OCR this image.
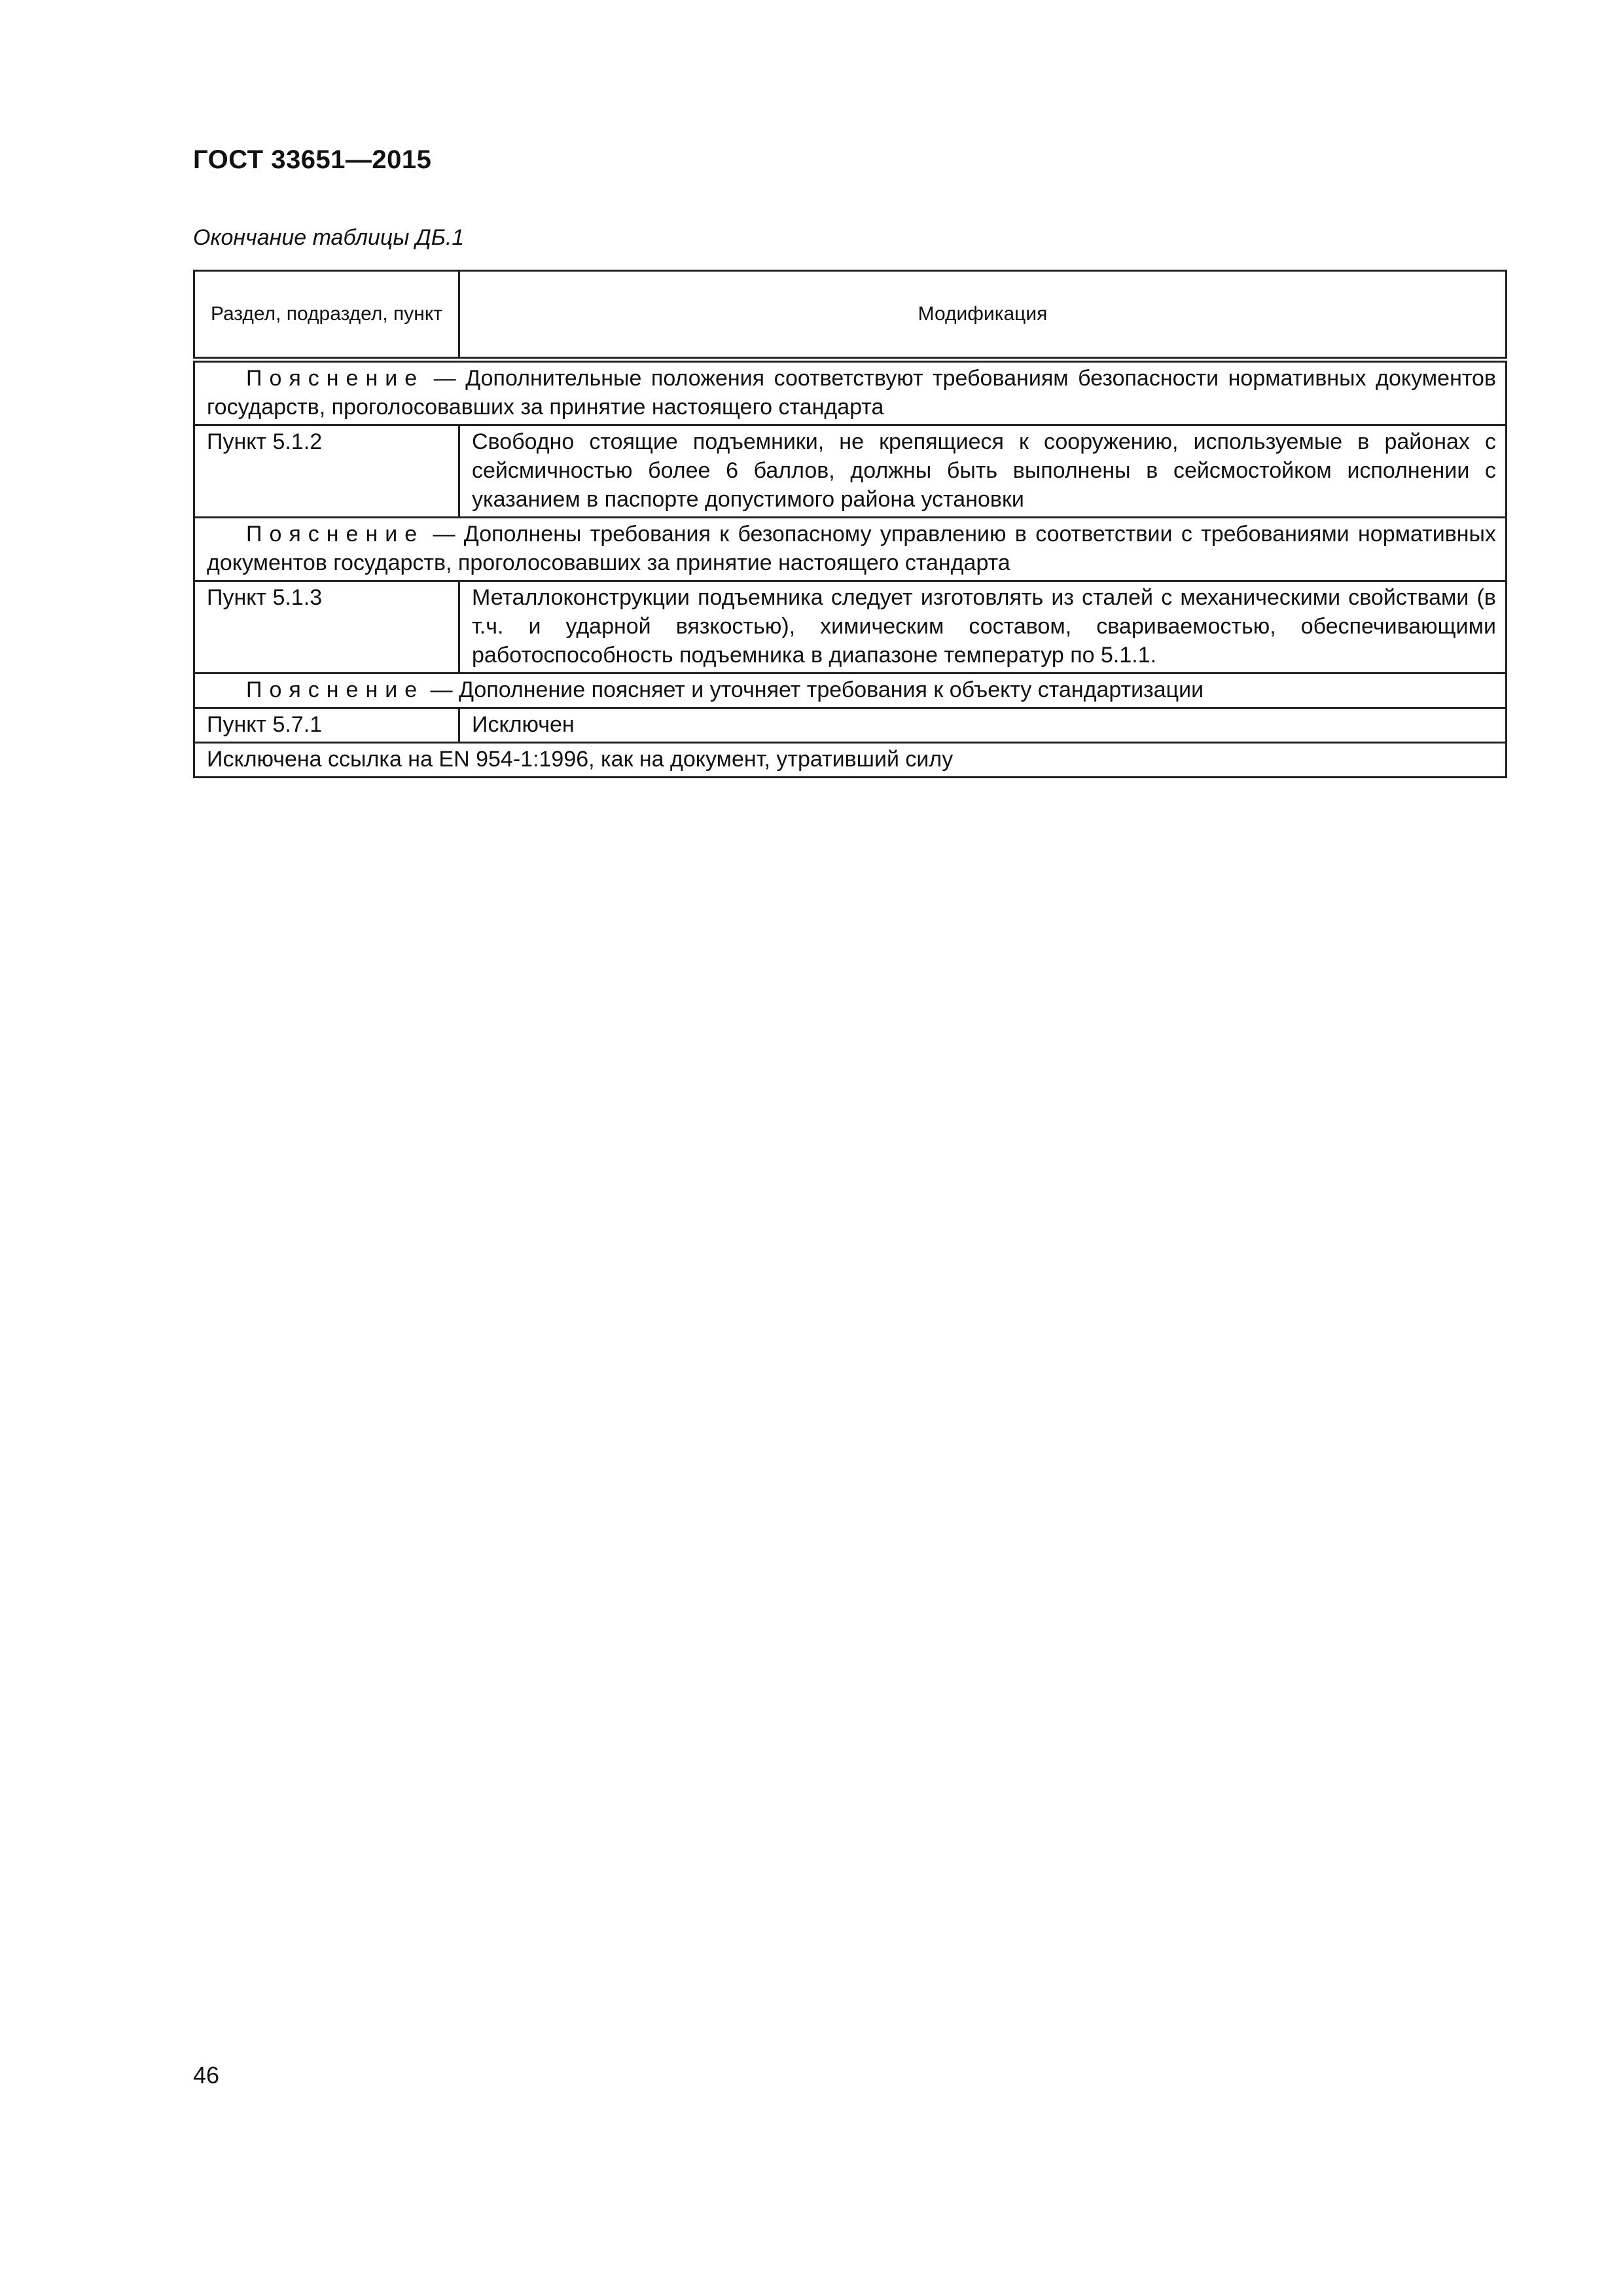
ГОСТ 33651—2015

Окончание таблицы ДБ.1

Раздел, подраздел, пункт	Модификация
Пояснение — Дополнительные положения соответствуют требованиям безопасности нормативных документов государств, проголосовавших за принятие настоящего стандарта	
Пункт 5.1.2	Свободно стоящие подъемники, не крепящиеся к сооружению, используемые в районах с сейсмичностью более 6 баллов, должны быть выполнены в сейсмостойком исполнении с указанием в паспорте допустимого района установки
Пояснение — Дополнены требования к безопасному управлению в соответствии с требованиями нормативных документов государств, проголосовавших за принятие настоящего стандарта	
Пункт 5.1.3	Металлоконструкции подъемника следует изготовлять из сталей с механическими свойствами (в т.ч. и ударной вязкостью), химическим составом, свариваемостью, обеспечивающими работоспособность подъемника в диапазоне температур по 5.1.1.
Пояснение — Дополнение поясняет и уточняет требования к объекту стандартизации	
Пункт 5.7.1	Исключен
Исключена ссылка на EN 954-1:1996, как на документ, утративший силу	

46
